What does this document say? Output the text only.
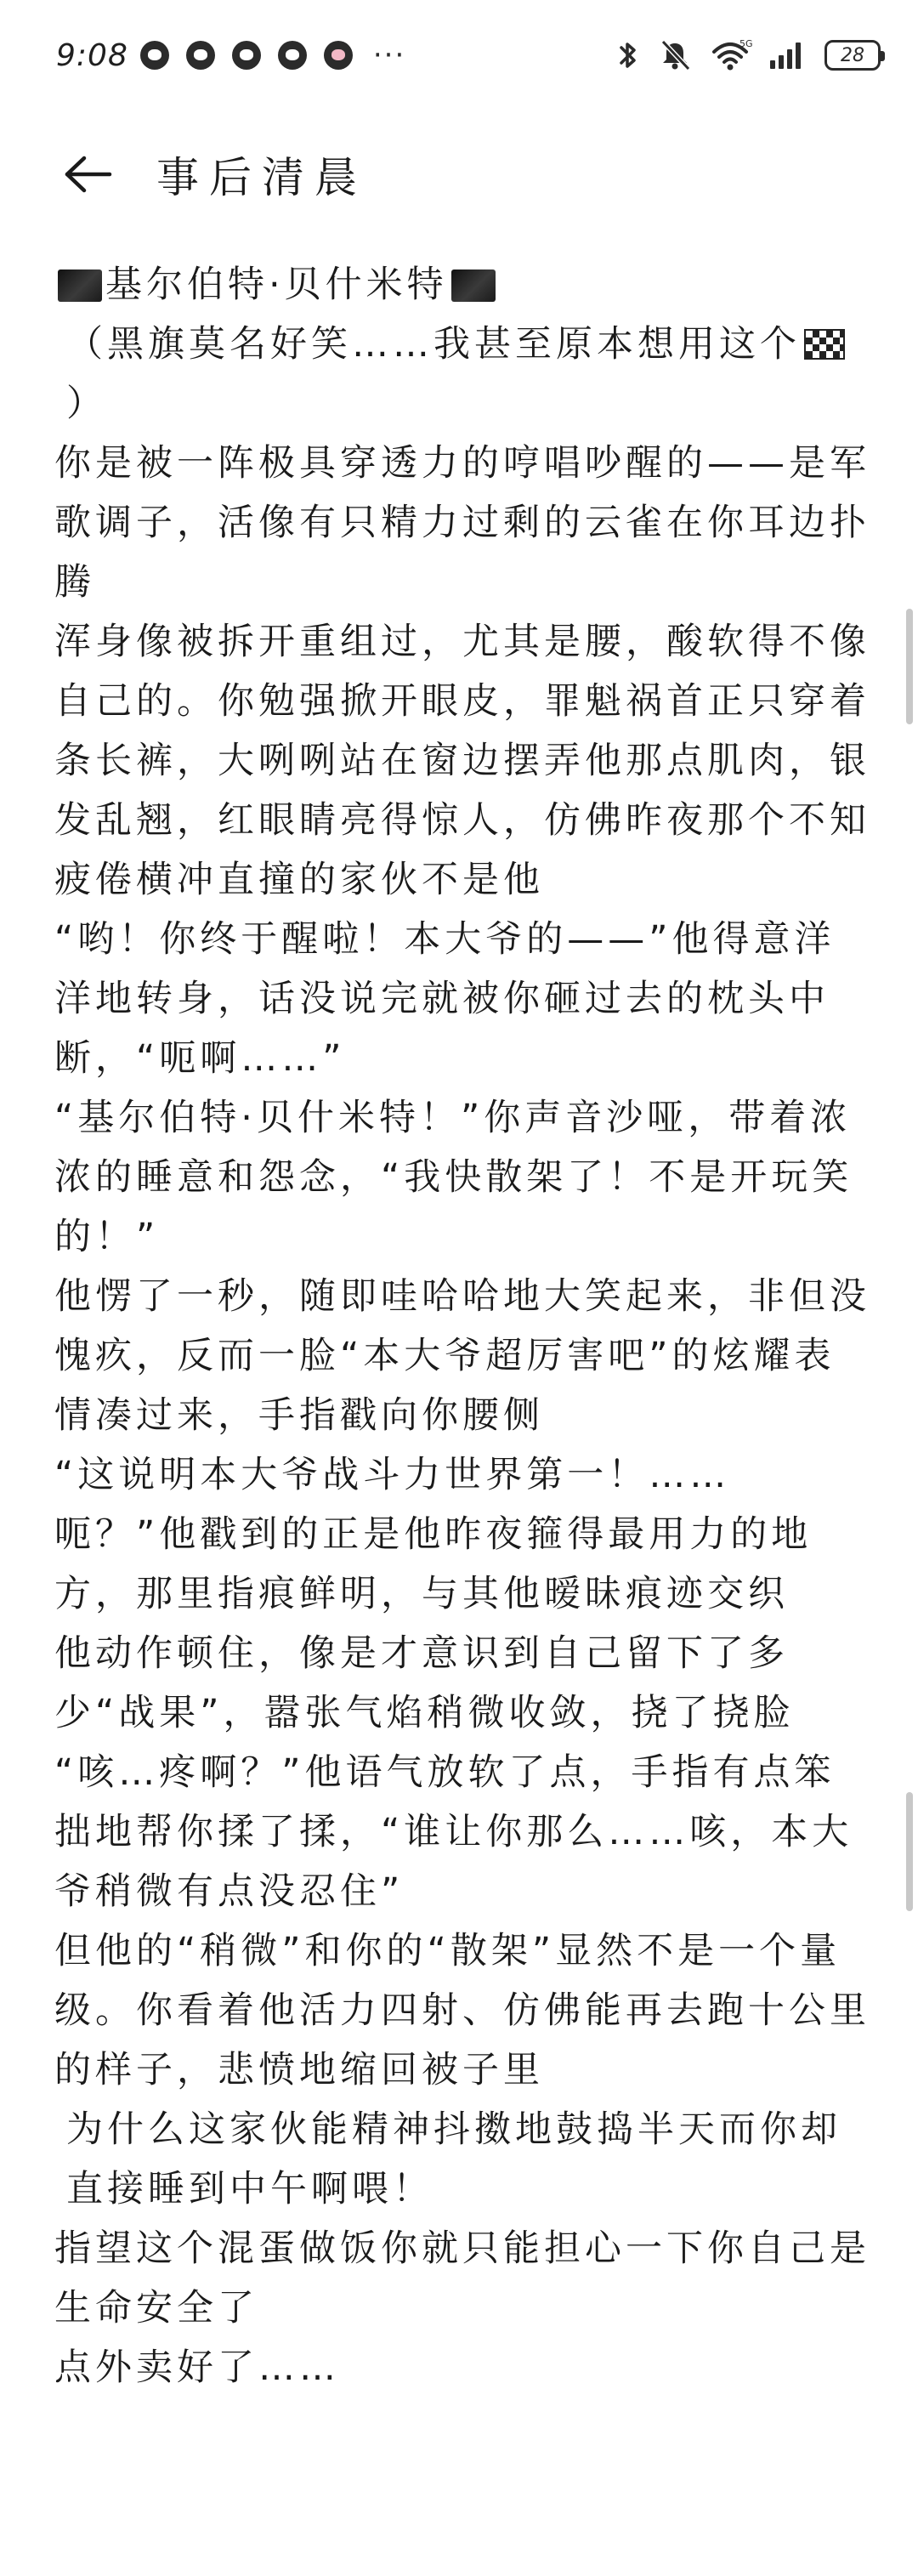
9:08	···	5G
28
事后清晨

基尔伯特·贝什米特

（黑旗莫名好笑……我甚至原本想用这个）

你是被一阵极具穿透力的哼唱吵醒的——是军歌调子，活像有只精力过剩的云雀在你耳边扑腾

浑身像被拆开重组过，尤其是腰，酸软得不像自己的。你勉强掀开眼皮，罪魁祸首正只穿着条长裤，大咧咧站在窗边摆弄他那点肌肉，银发乱翘，红眼睛亮得惊人，仿佛昨夜那个不知疲倦横冲直撞的家伙不是他

“哟！你终于醒啦！本大爷的——”他得意洋洋地转身，话没说完就被你砸过去的枕头中断，“呃啊……”

“基尔伯特·贝什米特！”你声音沙哑，带着浓浓的睡意和怨念，“我快散架了！不是开玩笑的！”

他愣了一秒，随即哇哈哈地大笑起来，非但没愧疚，反而一脸“本大爷超厉害吧”的炫耀表情凑过来，手指戳向你腰侧

“这说明本大爷战斗力世界第一！……呃？”他戳到的正是他昨夜箍得最用力的地方，那里指痕鲜明，与其他暧昧痕迹交织

他动作顿住，像是才意识到自己留下了多少“战果”，嚣张气焰稍微收敛，挠了挠脸

“咳…疼啊？”他语气放软了点，手指有点笨拙地帮你揉了揉，“谁让你那么……咳，本大爷稍微有点没忍住”

但他的“稍微”和你的“散架”显然不是一个量级。你看着他活力四射、仿佛能再去跑十公里的样子，悲愤地缩回被子里

为什么这家伙能精神抖擞地鼓捣半天而你却直接睡到中午啊喂！

指望这个混蛋做饭你就只能担心一下你自己是生命安全了

点外卖好了……
